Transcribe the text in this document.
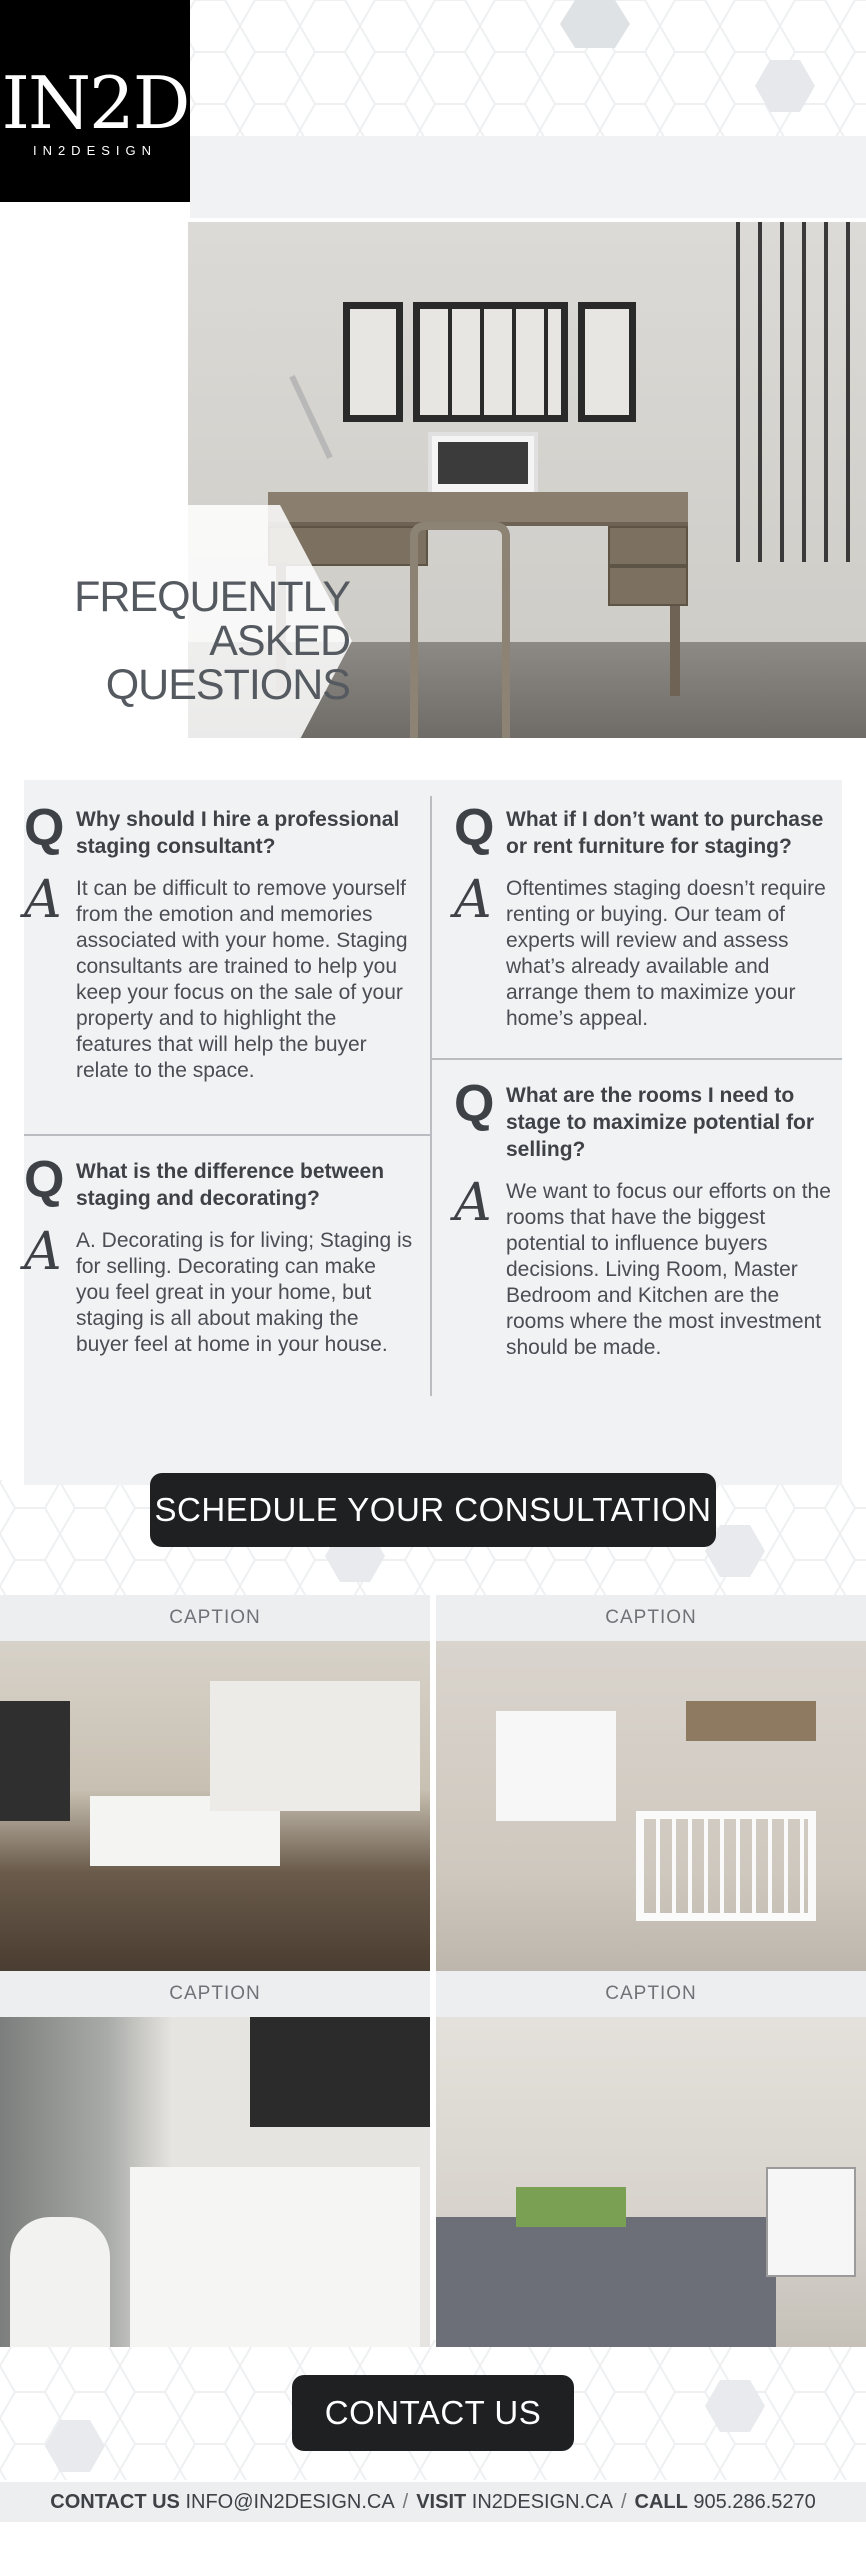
IN2D
IN2DESIGN
FREQUENTLY
ASKED
QUESTIONS
Q Why should I hire a professional staging consultant?
A It can be difficult to remove yourself from the emotion and memories associated with your home. Staging consultants are trained to help you keep your focus on the sale of your property and to highlight the features that will help the buyer relate to the space.
Q What is the difference between staging and decorating?
A A. Decorating is for living; Staging is for selling. Decorating can make you feel great in your home, but staging is all about making the buyer feel at home in your house.
Q What if I don’t want to purchase or rent furniture for staging?
A Oftentimes staging doesn’t require renting or buying. Our team of experts will review and assess what’s already available and arrange them to maximize your home’s appeal.
Q What are the rooms I need to stage to maximize potential for selling?
A We want to focus our efforts on the rooms that have the biggest potential to influence buyers decisions. Living Room, Master Bedroom and Kitchen are the rooms where the most investment should be made.
SCHEDULE YOUR CONSULTATION
CAPTION	CAPTION
CAPTION	CAPTION
CONTACT US
CONTACT US
INFO@IN2DESIGN.CA / VISIT
IN2DESIGN.CA / CALL
905.286.5270
